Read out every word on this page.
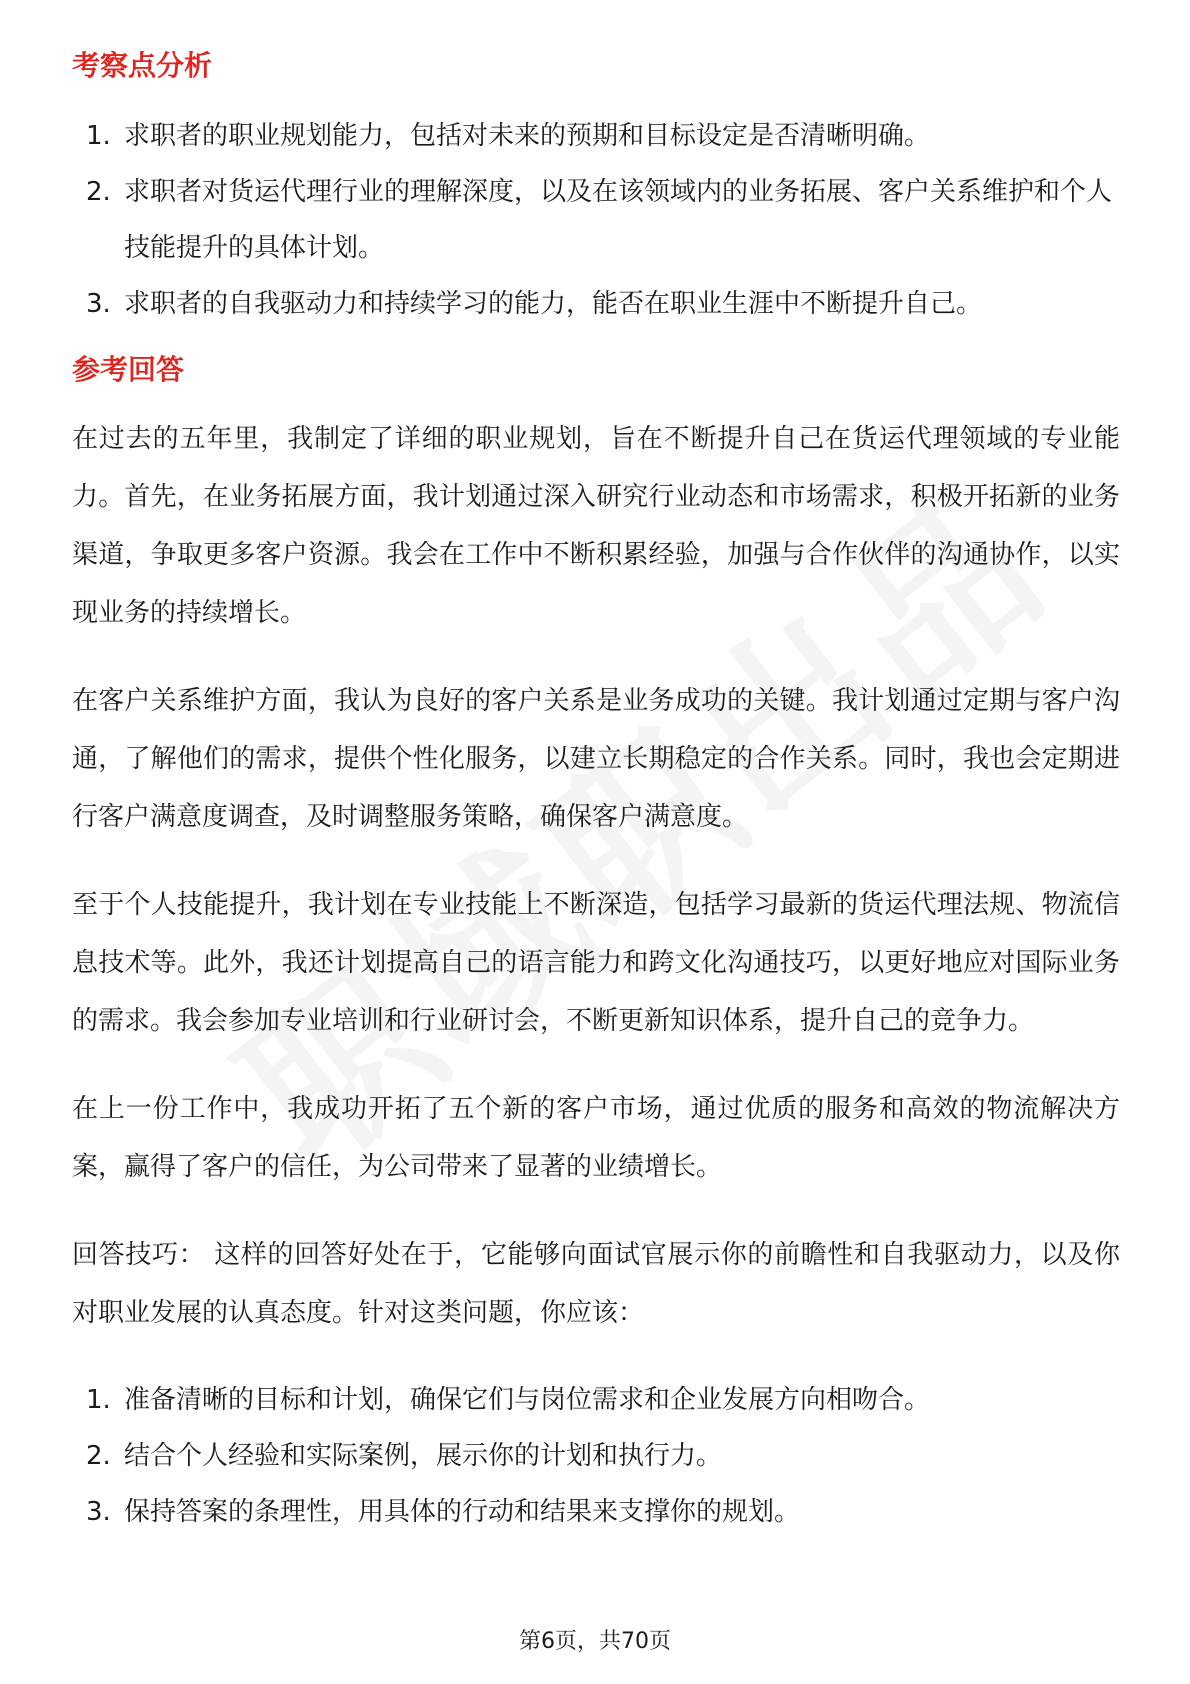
考察点分析
1. 求职者的职业规划能力，包括对未来的预期和目标设定是否清晰明确。
2. 求职者对货运代理行业的理解深度，以及在该领域内的业务拓展、客户关系维护和个人技能提升的具体计划。
3. 求职者的自我驱动力和持续学习的能力，能否在职业生涯中不断提升自己。
参考回答

在过去的五年里，我制定了详细的职业规划，旨在不断提升自己在货运代理领域的专业能力。首先，在业务拓展方面，我计划通过深入研究行业动态和市场需求，积极开拓新的业务渠道，争取更多客户资源。我会在工作中不断积累经验，加强与合作伙伴的沟通协作，以实现业务的持续增长。

在客户关系维护方面，我认为良好的客户关系是业务成功的关键。我计划通过定期与客户沟通，了解他们的需求，提供个性化服务，以建立长期稳定的合作关系。同时，我也会定期进行客户满意度调查，及时调整服务策略，确保客户满意度。

至于个人技能提升，我计划在专业技能上不断深造，包括学习最新的货运代理法规、物流信息技术等。此外，我还计划提高自己的语言能力和跨文化沟通技巧，以更好地应对国际业务的需求。我会参加专业培训和行业研讨会，不断更新知识体系，提升自己的竞争力。

在上一份工作中，我成功开拓了五个新的客户市场，通过优质的服务和高效的物流解决方案，赢得了客户的信任，为公司带来了显著的业绩增长。

回答技巧： 这样的回答好处在于，它能够向面试官展示你的前瞻性和自我驱动力，以及你对职业发展的认真态度。针对这类问题，你应该：

1. 准备清晰的目标和计划，确保它们与岗位需求和企业发展方向相吻合。
2. 结合个人经验和实际案例，展示你的计划和执行力。
3. 保持答案的条理性，用具体的行动和结果来支撑你的规划。
第6页，共70页
